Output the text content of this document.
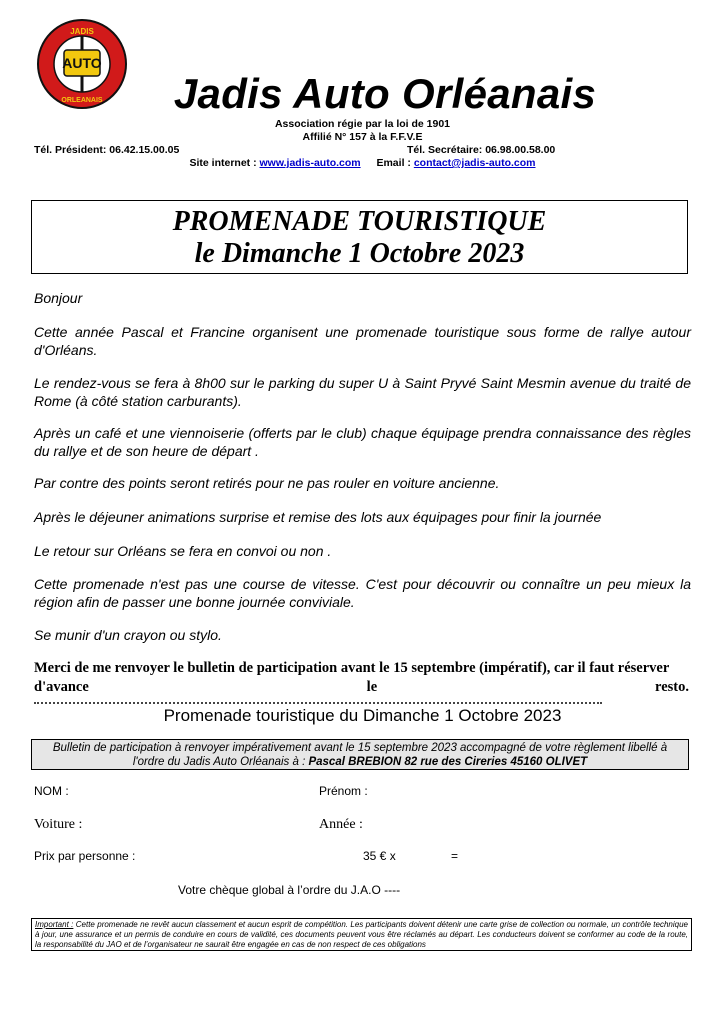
AUTO
JADIS
ORLEANAIS	Jadis Auto Orléanais
Association régie par la loi de 1901
Affilié N° 157 à la F.F.V.E
Tél. Président: 06.42.15.00.05	Tél. Secrétaire: 06.98.00.58.00
Site internet : www.jadis-auto.com Email : contact@jadis-auto.com
PROMENADE TOURISTIQUE
le Dimanche 1 Octobre 2023
Bonjour
Cette année Pascal et Francine organisent une promenade touristique sous forme de rallye autour d'Orléans.
Le rendez-vous se fera à 8h00 sur le parking du super U à Saint Pryvé Saint Mesmin avenue du traité de Rome (à côté station carburants).
Après un café et une viennoiserie (offerts par le club) chaque équipage prendra connaissance des règles du rallye et de son heure de départ .
Par contre des points seront retirés pour ne pas rouler en voiture ancienne.
Après le déjeuner animations surprise et remise des lots aux équipages pour finir la journée
Le retour sur Orléans se fera en convoi ou non .
Cette promenade n'est pas une course de vitesse. C'est pour découvrir ou connaître un peu mieux la région afin de passer une bonne journée conviviale.
Se munir d'un crayon ou stylo.
Merci de me renvoyer le bulletin de participation avant le 15 septembre (impératif), car il faut réserver
d'avance	le	resto.
Promenade touristique du Dimanche 1 Octobre 2023
Bulletin de participation à renvoyer impérativement avant le 15 septembre 2023 accompagné de votre règlement libellé à
l'ordre du Jadis Auto Orléanais à : Pascal BREBION 82 rue des Cireries 45160 OLIVET
NOM :	Prénom :
Voiture :	Année :
Prix par personne :	35 € x	=
Votre chèque global à l’ordre du J.A.O ----
Important : Cette promenade ne revêt aucun classement et aucun esprit de compétition. Les participants doivent détenir une carte grise de collection ou normale, un contrôle technique à jour, une assurance et un permis de conduire en cours de validité, ces documents peuvent vous être réclamés au départ. Les conducteurs doivent se conformer au code de la route, la responsabilité du JAO et de l’organisateur ne saurait être engagée en cas de non respect de ces obligations
